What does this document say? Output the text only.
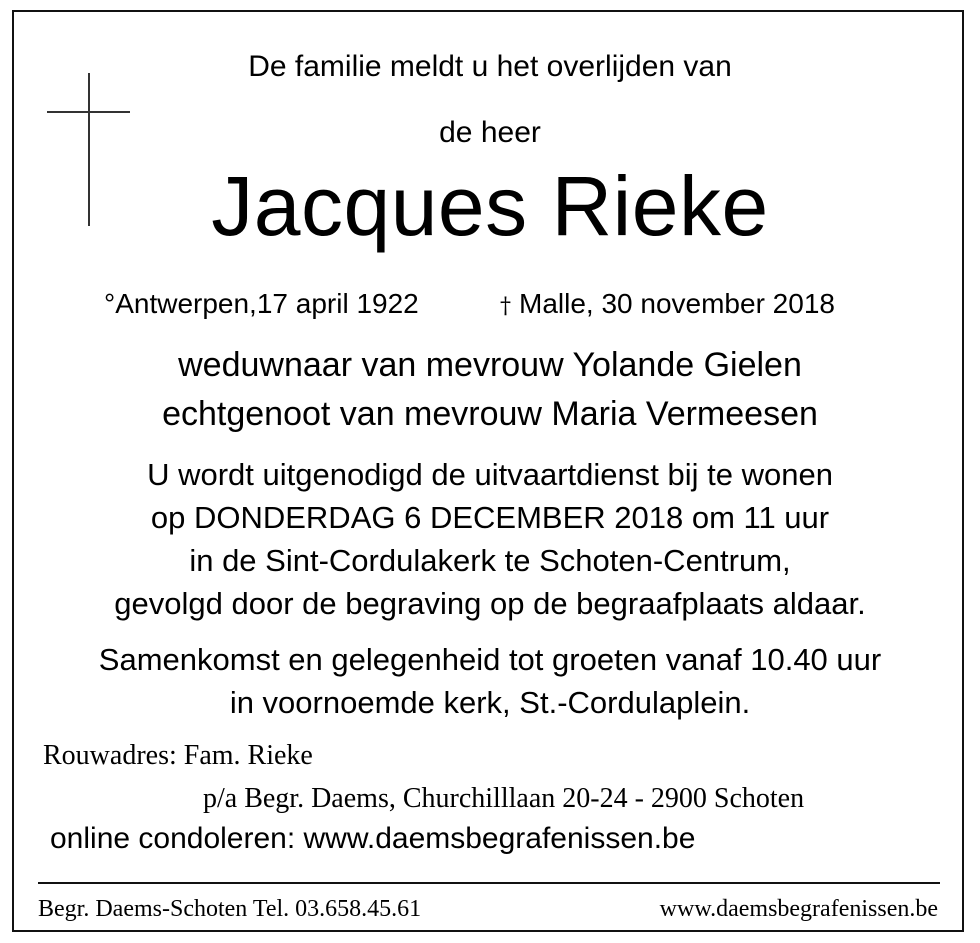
De familie meldt u het overlijden van
de heer
Jacques Rieke
°Antwerpen,17 april 1922	† Malle, 30 november 2018
weduwnaar van mevrouw Yolande Gielen
echtgenoot van mevrouw Maria Vermeesen
U wordt uitgenodigd de uitvaartdienst bij te wonen
op DONDERDAG 6 DECEMBER 2018 om 11 uur
in de Sint-Cordulakerk te Schoten-Centrum,
gevolgd door de begraving op de begraafplaats aldaar.
Samenkomst en gelegenheid tot groeten vanaf 10.40 uur
in voornoemde kerk, St.-Cordulaplein.
Rouwadres: Fam. Rieke
p/a Begr. Daems, Churchilllaan 20-24 - 2900 Schoten
online condoleren: www.daemsbegrafenissen.be
Begr. Daems-Schoten Tel. 03.658.45.61	www.daemsbegrafenissen.be
